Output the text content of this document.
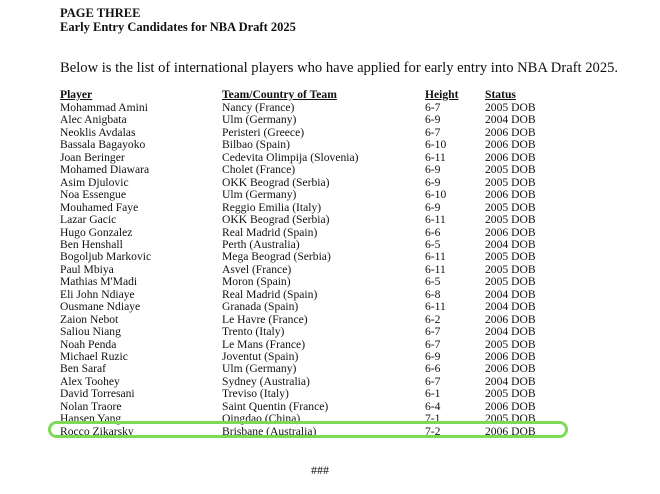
PAGE THREE
Early Entry Candidates for NBA Draft 2025
Below is the list of international players who have applied for early entry into NBA Draft 2025.
Player	Team/Country of Team	Height Status
Mohammad Amini	Nancy (France)	6-7	2005 DOB
Alec Anigbata	Ulm (Germany)	6-9	2004 DOB
Neoklis Avdalas	Peristeri (Greece)	6-7	2006 DOB
Bassala Bagayoko	Bilbao (Spain)	6-10	2006 DOB
Joan Beringer	Cedevita Olimpija (Slovenia)	6-11	2006 DOB
Mohamed Diawara	Cholet (France)	6-9	2005 DOB
Asim Djulovic	OKK Beograd (Serbia)	6-9	2005 DOB
Noa Essengue	Ulm (Germany)	6-10	2006 DOB
Mouhamed Faye	Reggio Emilia (Italy)	6-9	2005 DOB
Lazar Gacic	OKK Beograd (Serbia)	6-11	2005 DOB
Hugo Gonzalez	Real Madrid (Spain)	6-6	2006 DOB
Ben Henshall	Perth (Australia)	6-5	2004 DOB
Bogoljub Markovic	Mega Beograd (Serbia)	6-11	2005 DOB
Paul Mbiya	Asvel (France)	6-11	2005 DOB
Mathias M'Madi	Moron (Spain)	6-5	2005 DOB
Eli John Ndiaye	Real Madrid (Spain)	6-8	2004 DOB
Ousmane Ndiaye	Granada (Spain)	6-11	2004 DOB
Zaion Nebot	Le Havre (France)	6-2	2006 DOB
Saliou Niang	Trento (Italy)	6-7	2004 DOB
Noah Penda	Le Mans (France)	6-7	2005 DOB
Michael Ruzic	Joventut (Spain)	6-9	2006 DOB
Ben Saraf	Ulm (Germany)	6-6	2006 DOB
Alex Toohey	Sydney (Australia)	6-7	2004 DOB
David Torresani	Treviso (Italy)	6-1	2005 DOB
Nolan Traore	Saint Quentin (France)	6-4	2006 DOB
Hansen Yang	Qingdao (China)	7-1	2005 DOB
Rocco Zikarsky	Brisbane (Australia)	7-2	2006 DOB
###
